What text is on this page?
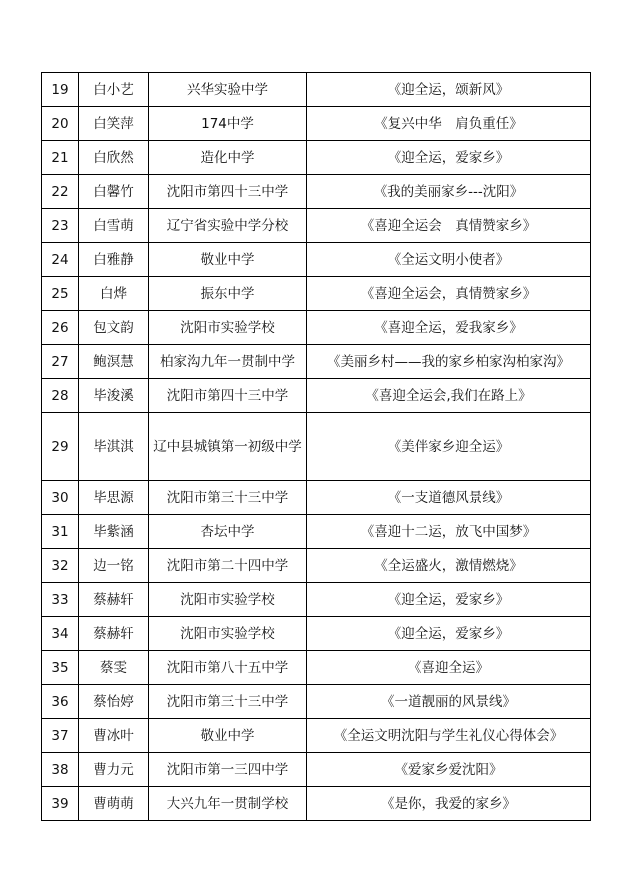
19	白小艺	兴华实验中学	《迎全运，颂新风》
20	白笑萍	174中学	《复兴中华　肩负重任》
21	白欣然	造化中学	《迎全运，爱家乡》
22	白馨竹	沈阳市第四十三中学	《我的美丽家乡---沈阳》
23	白雪萌	辽宁省实验中学分校	《喜迎全运会　真情赞家乡》
24	白雅静	敬业中学	《全运文明小使者》
25	白烨	振东中学	《喜迎全运会，真情赞家乡》
26	包文韵	沈阳市实验学校	《喜迎全运，爱我家乡》
27	鲍溟慧	柏家沟九年一贯制中学	《美丽乡村——我的家乡柏家沟柏家沟》
28	毕浚溪	沈阳市第四十三中学	《喜迎全运会,我们在路上》
29	毕淇淇	辽中县城镇第一初级中学	《美伴家乡迎全运》
30	毕思源	沈阳市第三十三中学	《一支道德风景线》
31	毕紫涵	杏坛中学	《喜迎十二运，放飞中国梦》
32	边一铭	沈阳市第二十四中学	《全运盛火，激情燃烧》
33	蔡赫轩	沈阳市实验学校	《迎全运，爱家乡》
34	蔡赫轩	沈阳市实验学校	《迎全运，爱家乡》
35	蔡雯	沈阳市第八十五中学	《喜迎全运》
36	蔡怡婷	沈阳市第三十三中学	《一道靓丽的风景线》
37	曹冰叶	敬业中学	《全运文明沈阳与学生礼仪心得体会》
38	曹力元	沈阳市第一三四中学	《爱家乡爱沈阳》
39	曹萌萌	大兴九年一贯制学校	《是你，我爱的家乡》
